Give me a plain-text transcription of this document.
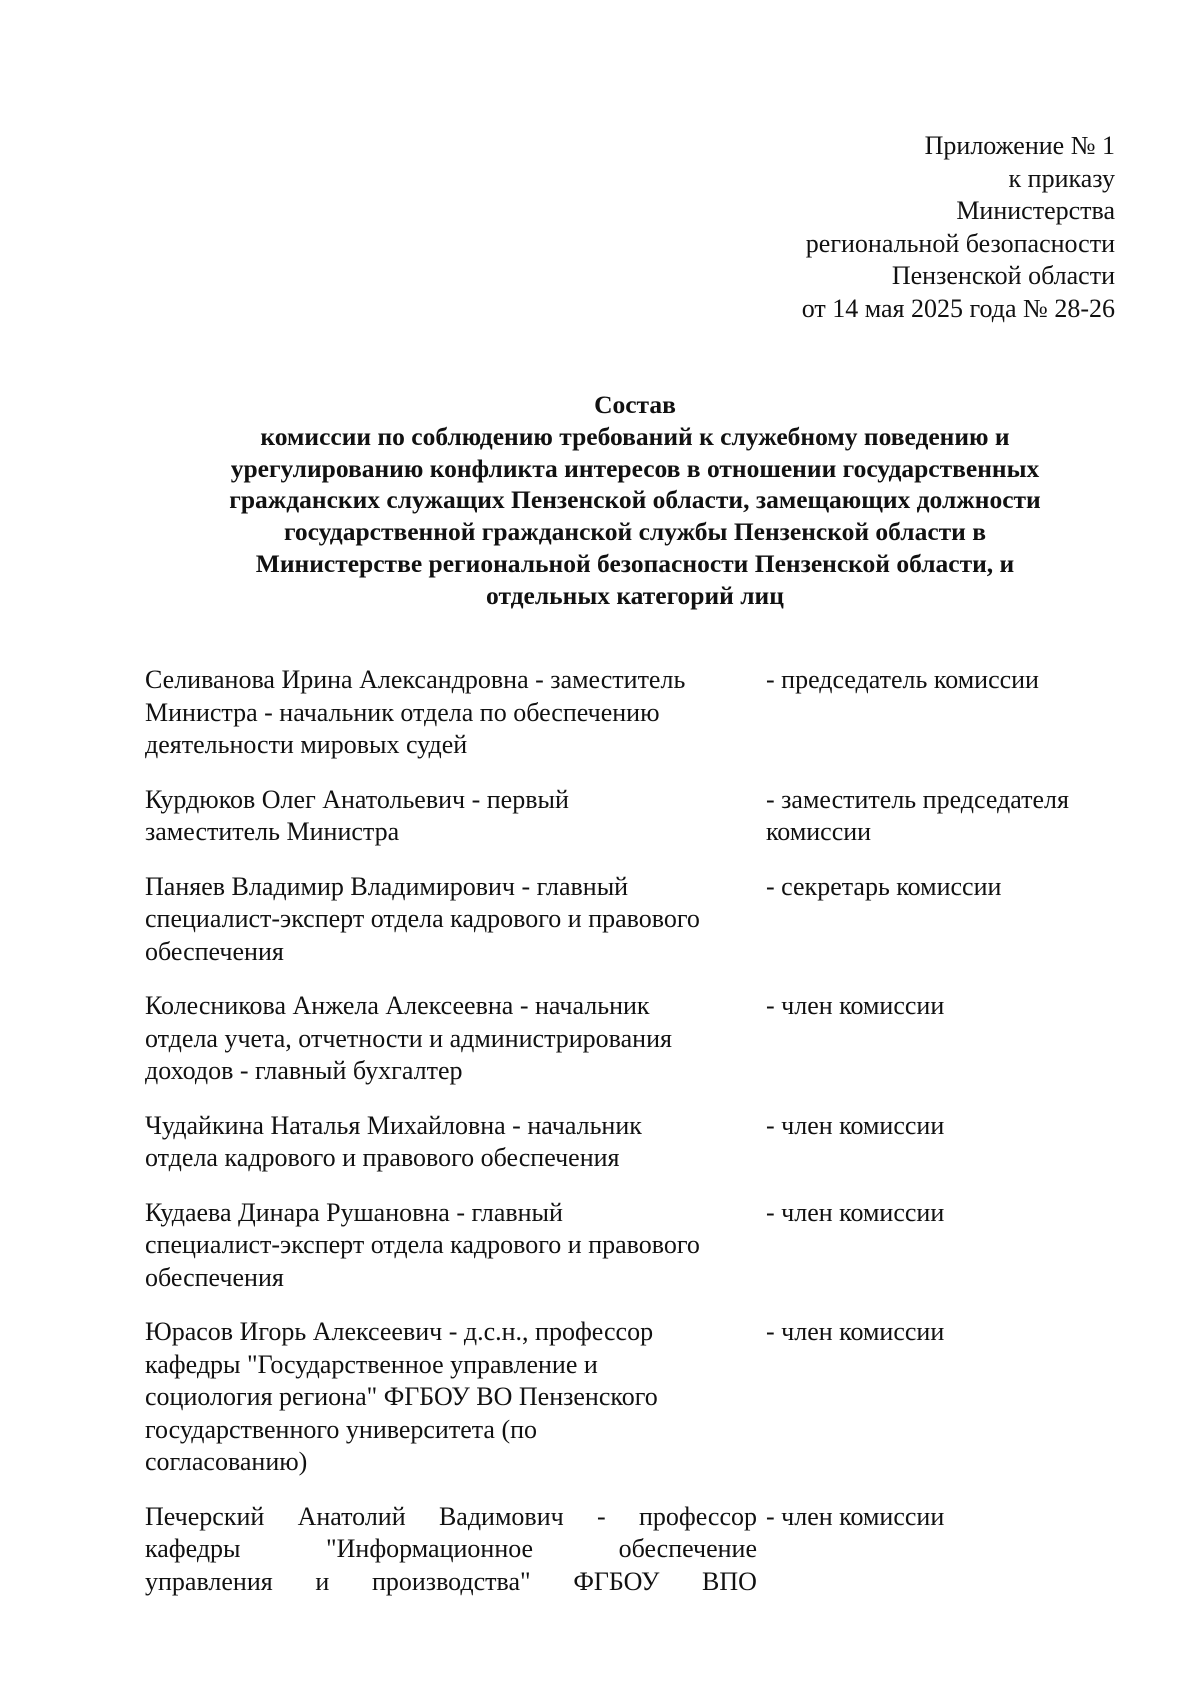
Приложение № 1
к приказу
Министерства
региональной безопасности
Пензенской области
от 14 мая 2025 года № 28-26
Состав
комиссии по соблюдению требований к служебному поведению и
урегулированию конфликта интересов в отношении государственных
гражданских служащих Пензенской области, замещающих должности
государственной гражданской службы Пензенской области в
Министерстве региональной безопасности Пензенской области, и
отдельных категорий лиц
Селиванова Ирина Александровна - заместитель
Министра - начальник отдела по обеспечению
деятельности мировых судей
- председатель комиссии
Курдюков Олег Анатольевич - первый
заместитель Министра
- заместитель председателя
комиссии
Паняев Владимир Владимирович - главный
специалист-эксперт отдела кадрового и правового
обеспечения
- секретарь комиссии
Колесникова Анжела Алексеевна - начальник
отдела учета, отчетности и администрирования
доходов - главный бухгалтер
- член комиссии
Чудайкина Наталья Михайловна - начальник
отдела кадрового и правового обеспечения
- член комиссии
Кудаева Динара Рушановна - главный
специалист-эксперт отдела кадрового и правового
обеспечения
- член комиссии
Юрасов Игорь Алексеевич - д.с.н., профессор
кафедры "Государственное управление и
социология региона" ФГБОУ ВО Пензенского
государственного университета (по
согласованию)
- член комиссии
Печерский Анатолий Вадимович - профессор
кафедры	"Информационное	обеспечение
управления и производства" ФГБОУ ВПО
- член комиссии
